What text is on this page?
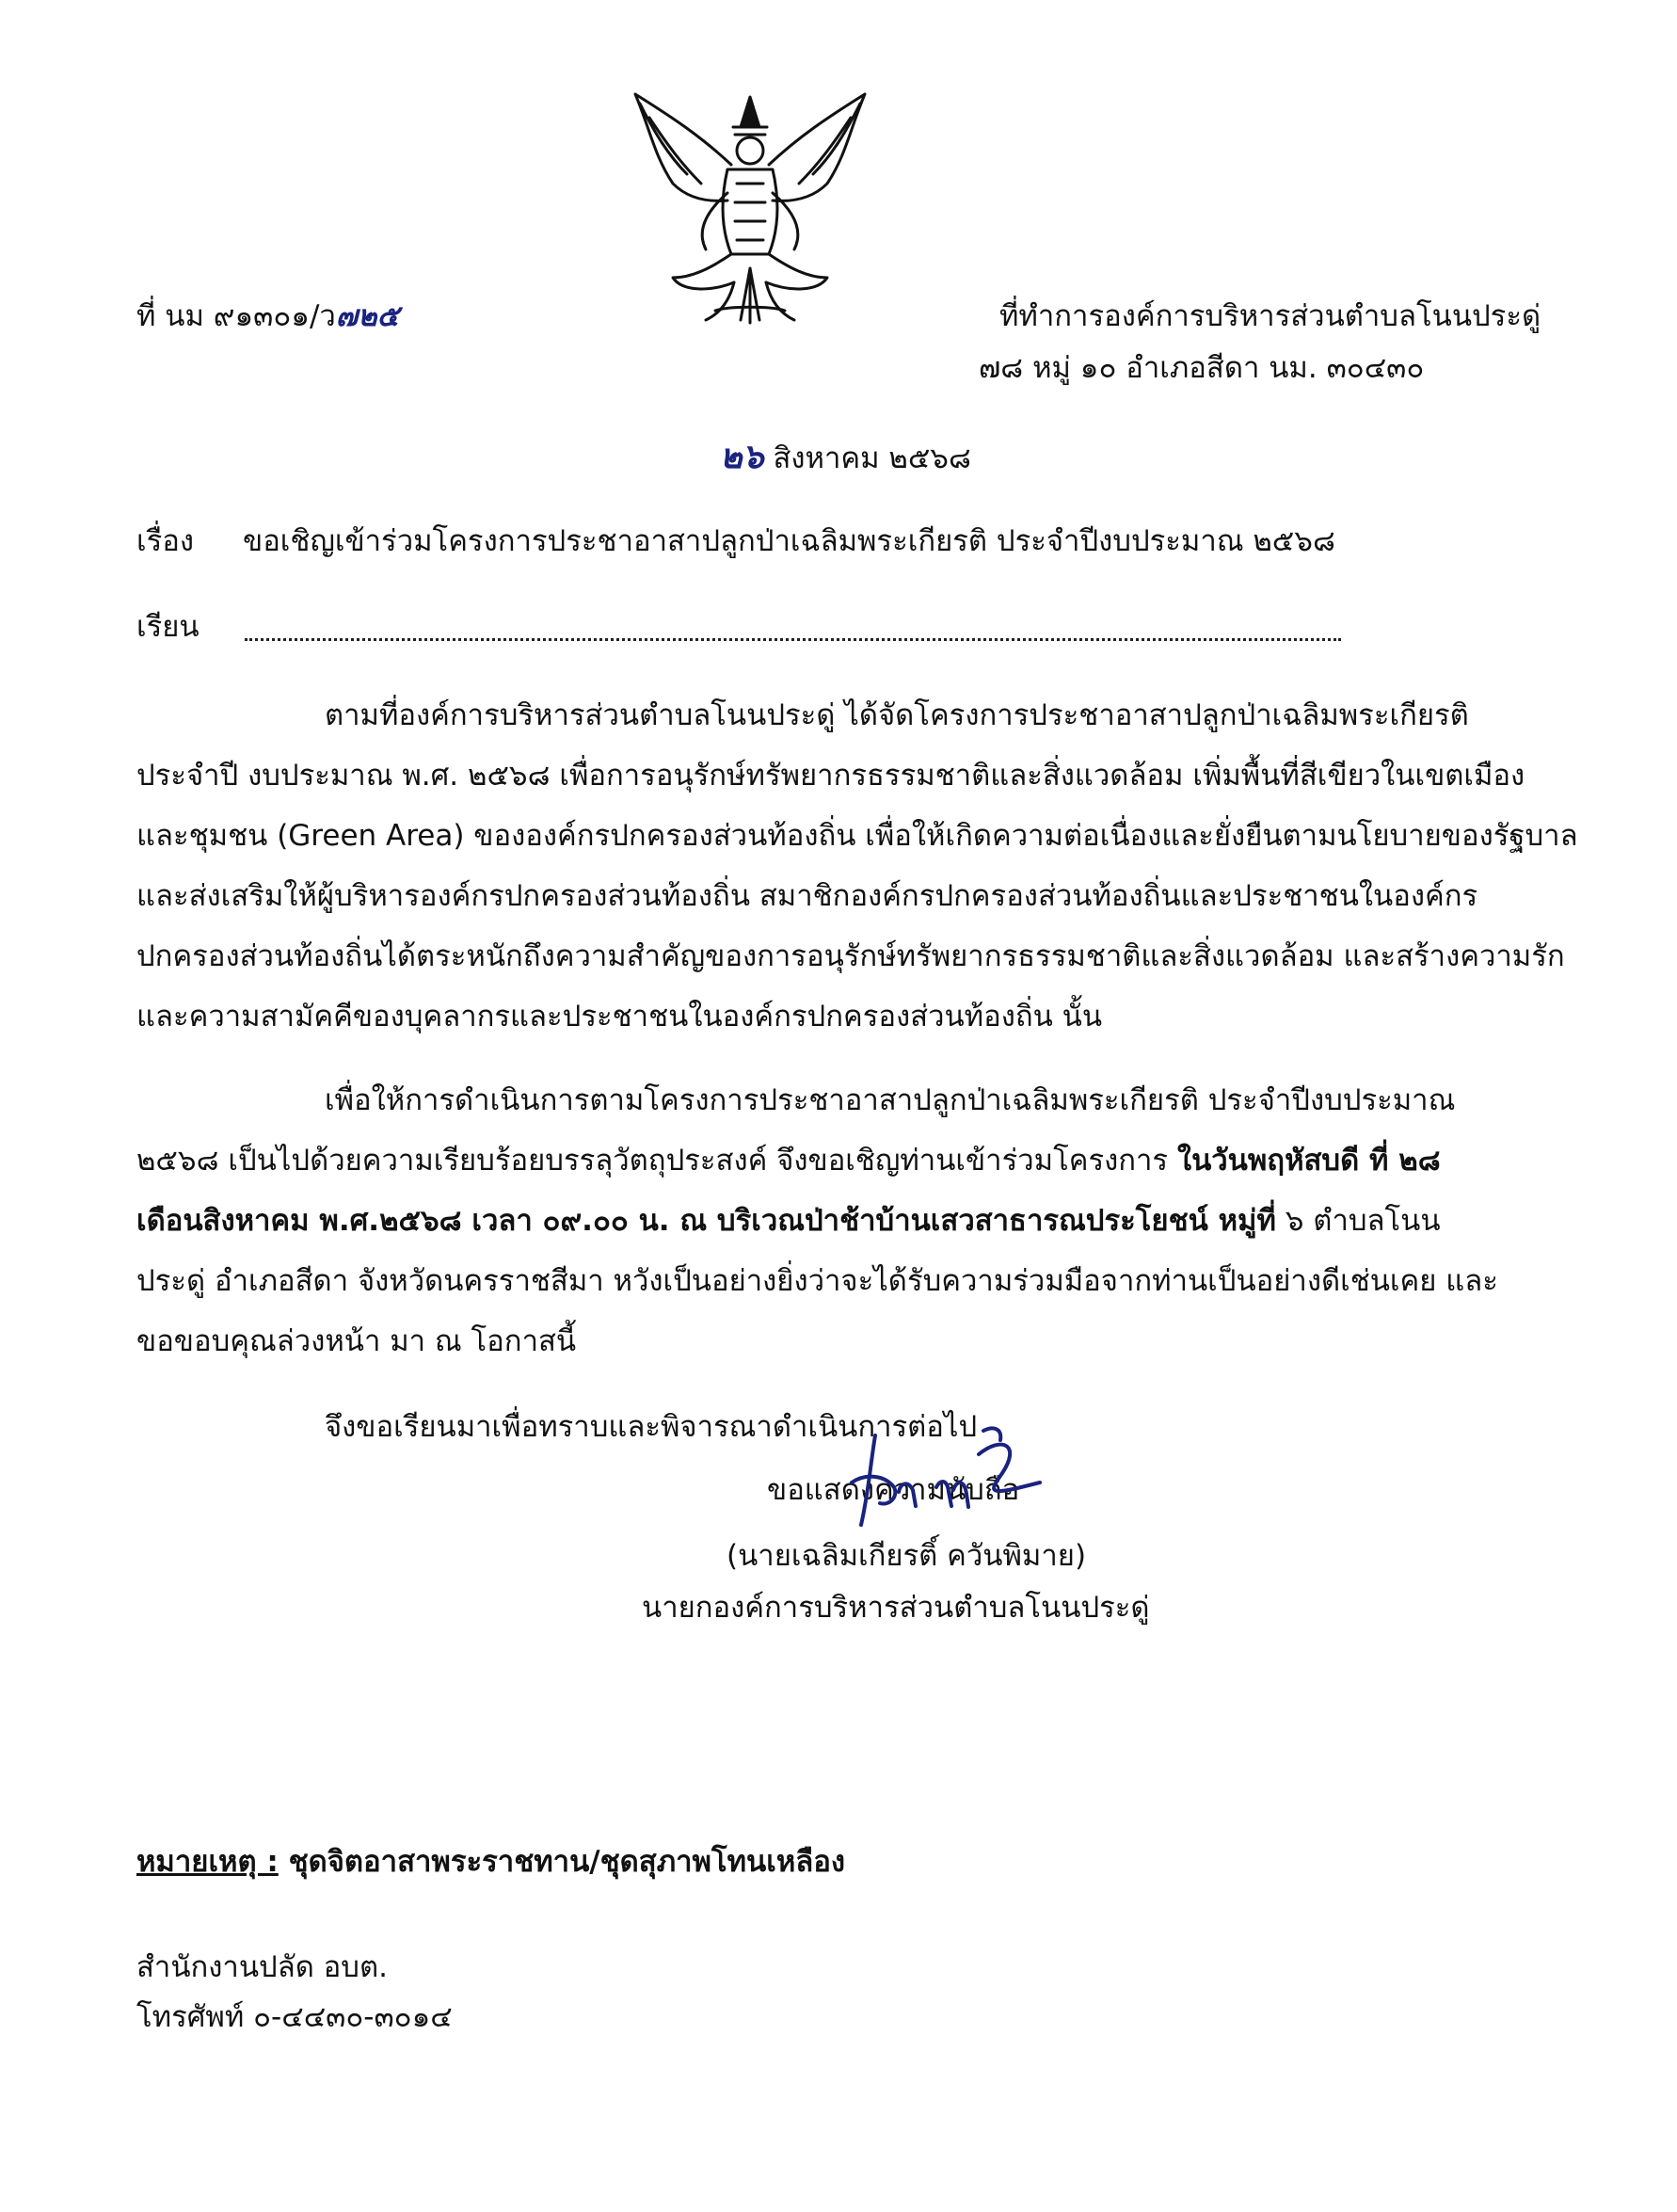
ที่ นม ๙๑๓๐๑/ว๗๒๕	ที่ทำการองค์การบริหารส่วนตำบลโนนประดู่
๗๘ หมู่ ๑๐ อำเภอสีดา นม. ๓๐๔๓๐
๒๖ สิงหาคม ๒๕๖๘
เรื่อง ขอเชิญเข้าร่วมโครงการประชาอาสาปลูกป่าเฉลิมพระเกียรติ ประจำปีงบประมาณ ๒๕๖๘
เรียน
ตามที่องค์การบริหารส่วนตำบลโนนประดู่ ได้จัดโครงการประชาอาสาปลูกป่าเฉลิมพระเกียรติ
ประจำปี งบประมาณ พ.ศ. ๒๕๖๘ เพื่อการอนุรักษ์ทรัพยากรธรรมชาติและสิ่งแวดล้อม เพิ่มพื้นที่สีเขียวในเขตเมือง
และชุมชน (Green Area) ขององค์กรปกครองส่วนท้องถิ่น เพื่อให้เกิดความต่อเนื่องและยั่งยืนตามนโยบายของรัฐบาล
และส่งเสริมให้ผู้บริหารองค์กรปกครองส่วนท้องถิ่น สมาชิกองค์กรปกครองส่วนท้องถิ่นและประชาชนในองค์กร
ปกครองส่วนท้องถิ่นได้ตระหนักถึงความสำคัญของการอนุรักษ์ทรัพยากรธรรมชาติและสิ่งแวดล้อม และสร้างความรัก
และความสามัคคีของบุคลากรและประชาชนในองค์กรปกครองส่วนท้องถิ่น นั้น
เพื่อให้การดำเนินการตามโครงการประชาอาสาปลูกป่าเฉลิมพระเกียรติ ประจำปีงบประมาณ
๒๕๖๘ เป็นไปด้วยความเรียบร้อยบรรลุวัตถุประสงค์ จึงขอเชิญท่านเข้าร่วมโครงการ ในวันพฤหัสบดี ที่ ๒๘
เดือนสิงหาคม พ.ศ.๒๕๖๘ เวลา ๐๙.๐๐ น. ณ บริเวณป่าช้าบ้านเสวสาธารณประโยชน์ หมู่ที่ ๖ ตำบลโนน
ประดู่ อำเภอสีดา จังหวัดนครราชสีมา หวังเป็นอย่างยิ่งว่าจะได้รับความร่วมมือจากท่านเป็นอย่างดีเช่นเคย และ
ขอขอบคุณล่วงหน้า มา ณ โอกาสนี้
จึงขอเรียนมาเพื่อทราบและพิจารณาดำเนินการต่อไป
ขอแสดงความนับถือ
(นายเฉลิมเกียรติ์ ควันพิมาย)
นายกองค์การบริหารส่วนตำบลโนนประดู่
หมายเหตุ : ชุดจิตอาสาพระราชทาน/ชุดสุภาพโทนเหลือง
สำนักงานปลัด อบต.
โทรศัพท์ ๐-๔๔๓๐-๓๐๑๔
